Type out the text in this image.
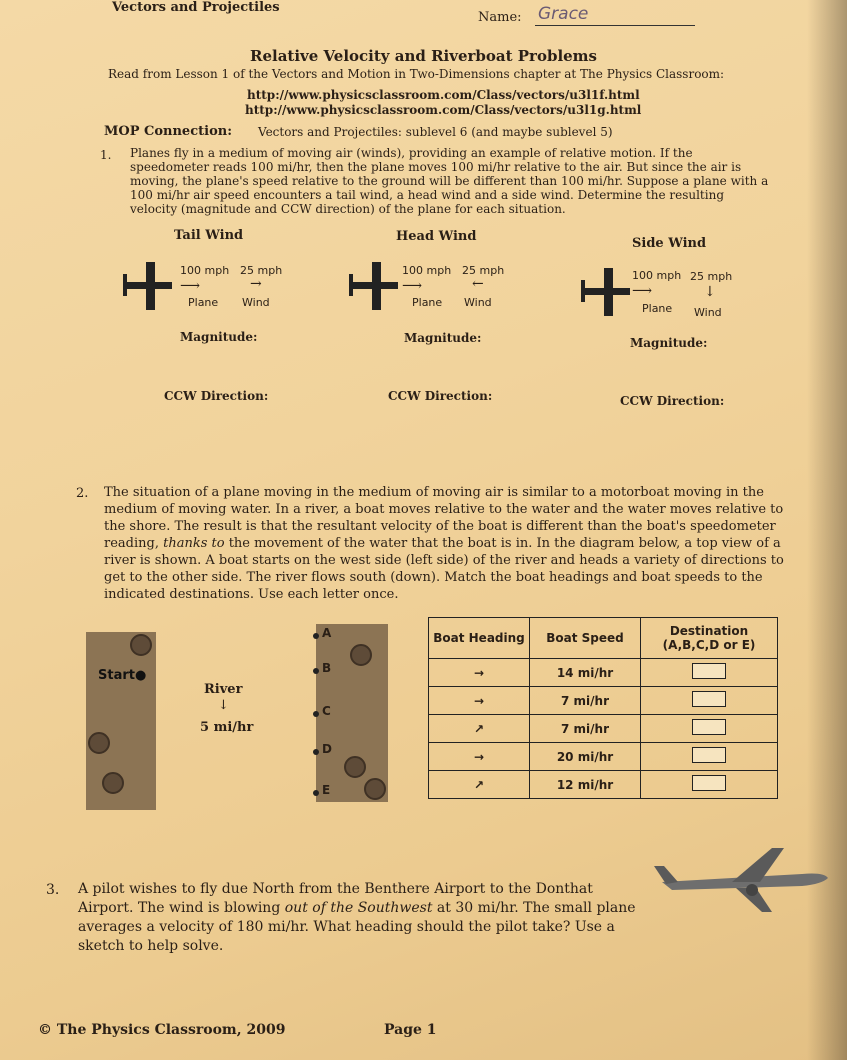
Vectors and Projectiles
Name: Grace
Relative Velocity and Riverboat Problems
Read from Lesson 1 of the Vectors and Motion in Two-Dimensions chapter at The Physics Classroom:
http://www.physicsclassroom.com/Class/vectors/u3l1f.html
http://www.physicsclassroom.com/Class/vectors/u3l1g.html
MOP Connection: Vectors and Projectiles: sublevel 6 (and maybe sublevel 5)
1. Planes fly in a medium of moving air (winds), providing an example of relative motion. If the speedometer reads 100 mi/hr, then the plane moves 100 mi/hr relative to the air. But since the air is moving, the plane's speed relative to the ground will be different than 100 mi/hr. Suppose a plane with a 100 mi/hr air speed encounters a tail wind, a head wind and a side wind. Determine the resulting velocity (magnitude and CCW direction) of the plane for each situation.
Tail Wind
100 mph 25 mph
⟶	→
Plane Wind
Magnitude:
CCW Direction:
Head Wind
100 mph 25 mph
⟶	←
Plane Wind
Magnitude:
CCW Direction:
Side Wind
100 mph 25 mph
⟶	↓
Plane Wind
Magnitude:
CCW Direction:
2. The situation of a plane moving in the medium of moving air is similar to a motorboat moving in the medium of moving water. In a river, a boat moves relative to the water and the water moves relative to the shore. The result is that the resultant velocity of the boat is different than the boat's speedometer reading, thanks to the movement of the water that the boat is in. In the diagram below, a top view of a river is shown. A boat starts on the west side (left side) of the river and heads a variety of directions to get to the other side. The river flows south (down). Match the boat headings and boat speeds to the indicated destinations. Use each letter once.
Start●
River
↓
5 mi/hr
A
B
C
D
E
Boat Heading	Boat Speed	Destination (A,B,C,D or E)
→	14 mi/hr	
→	7 mi/hr	
↗	7 mi/hr	
→	20 mi/hr	
↗	12 mi/hr	
3. A pilot wishes to fly due North from the Benthere Airport to the Donthat Airport. The wind is blowing out of the Southwest at 30 mi/hr. The small plane averages a velocity of 180 mi/hr. What heading should the pilot take? Use a sketch to help solve.
© The Physics Classroom, 2009	Page 1
